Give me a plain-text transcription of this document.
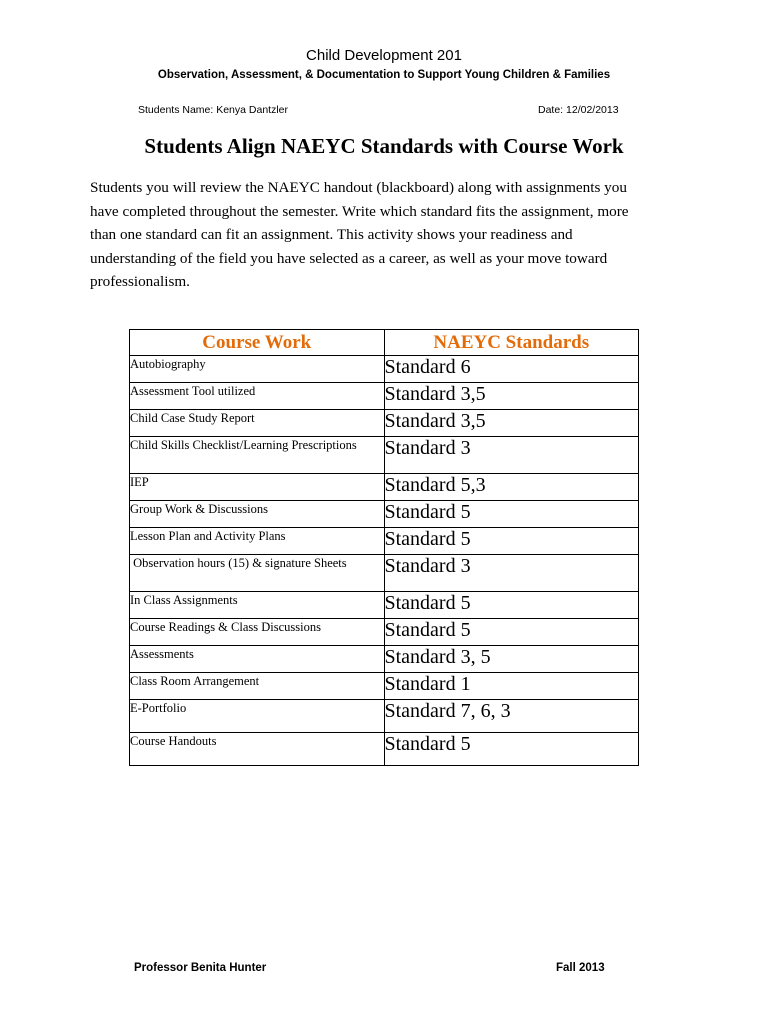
Child Development 201
Observation, Assessment, & Documentation to Support Young Children & Families
Students Name: Kenya Dantzler	Date: 12/02/2013
Students Align NAEYC Standards with Course Work
Students you will review the NAEYC handout (blackboard) along with assignments you have completed throughout the semester. Write which standard fits the assignment, more than one standard can fit an assignment. This activity shows your readiness and understanding of the field you have selected as a career, as well as your move toward professionalism.
Course Work	NAEYC Standards
Autobiography	Standard 6
Assessment Tool utilized	Standard 3,5
Child Case Study Report	Standard 3,5
Child Skills Checklist/Learning Prescriptions	Standard 3
IEP	Standard 5,3
Group Work & Discussions	Standard 5
Lesson Plan and Activity Plans	Standard 5
Observation hours (15) & signature Sheets	Standard 3
In Class Assignments	Standard 5
Course Readings & Class Discussions	Standard 5
Assessments	Standard 3, 5
Class Room Arrangement	Standard 1
E-Portfolio	Standard 7, 6, 3
Course Handouts	Standard 5
Professor Benita Hunter	Fall 2013
